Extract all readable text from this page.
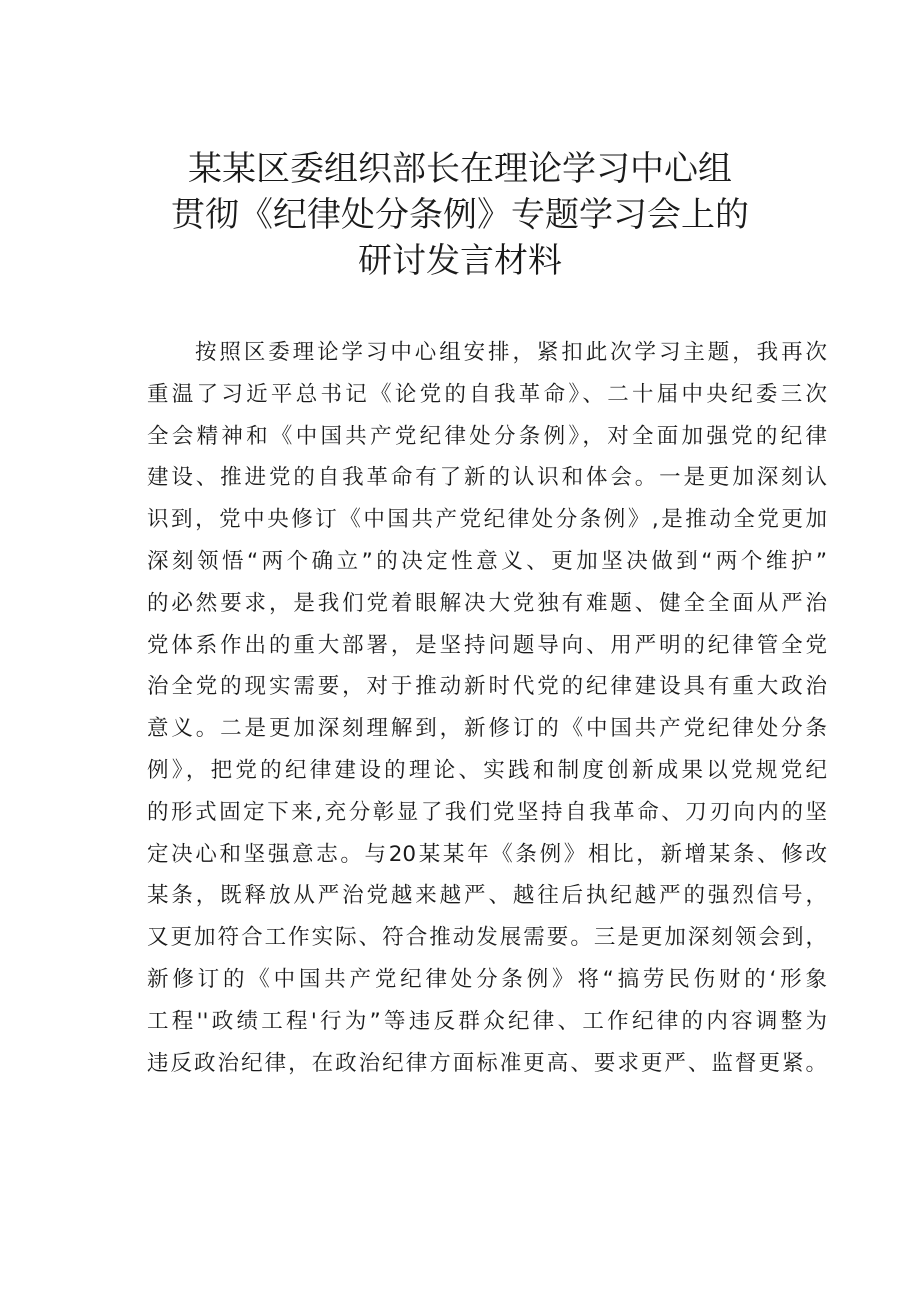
某某区委组织部长在理论学习中心组
贯彻《纪律处分条例》专题学习会上的
研讨发言材料
按照区委理论学习中心组安排，紧扣此次学习主题，我再次
重温了习近平总书记《论党的自我革命》、二十届中央纪委三次
全会精神和《中国共产党纪律处分条例》，对全面加强党的纪律
建设、推进党的自我革命有了新的认识和体会。一是更加深刻认
识到，党中央修订《中国共产党纪律处分条例》,是推动全党更加
深刻领悟“两个确立”的决定性意义、更加坚决做到“两个维护”
的必然要求，是我们党着眼解决大党独有难题、健全全面从严治
党体系作出的重大部署，是坚持问题导向、用严明的纪律管全党
治全党的现实需要，对于推动新时代党的纪律建设具有重大政治
意义。二是更加深刻理解到，新修订的《中国共产党纪律处分条
例》，把党的纪律建设的理论、实践和制度创新成果以党规党纪
的形式固定下来,充分彰显了我们党坚持自我革命、刀刃向内的坚
定决心和坚强意志。与20某某年《条例》相比，新增某条、修改
某条，既释放从严治党越来越严、越往后执纪越严的强烈信号，
又更加符合工作实际、符合推动发展需要。三是更加深刻领会到，
新修订的《中国共产党纪律处分条例》将“搞劳民伤财的‘形象
工程''政绩工程'行为”等违反群众纪律、工作纪律的内容调整为
违反政治纪律，在政治纪律方面标准更高、要求更严、监督更紧。
